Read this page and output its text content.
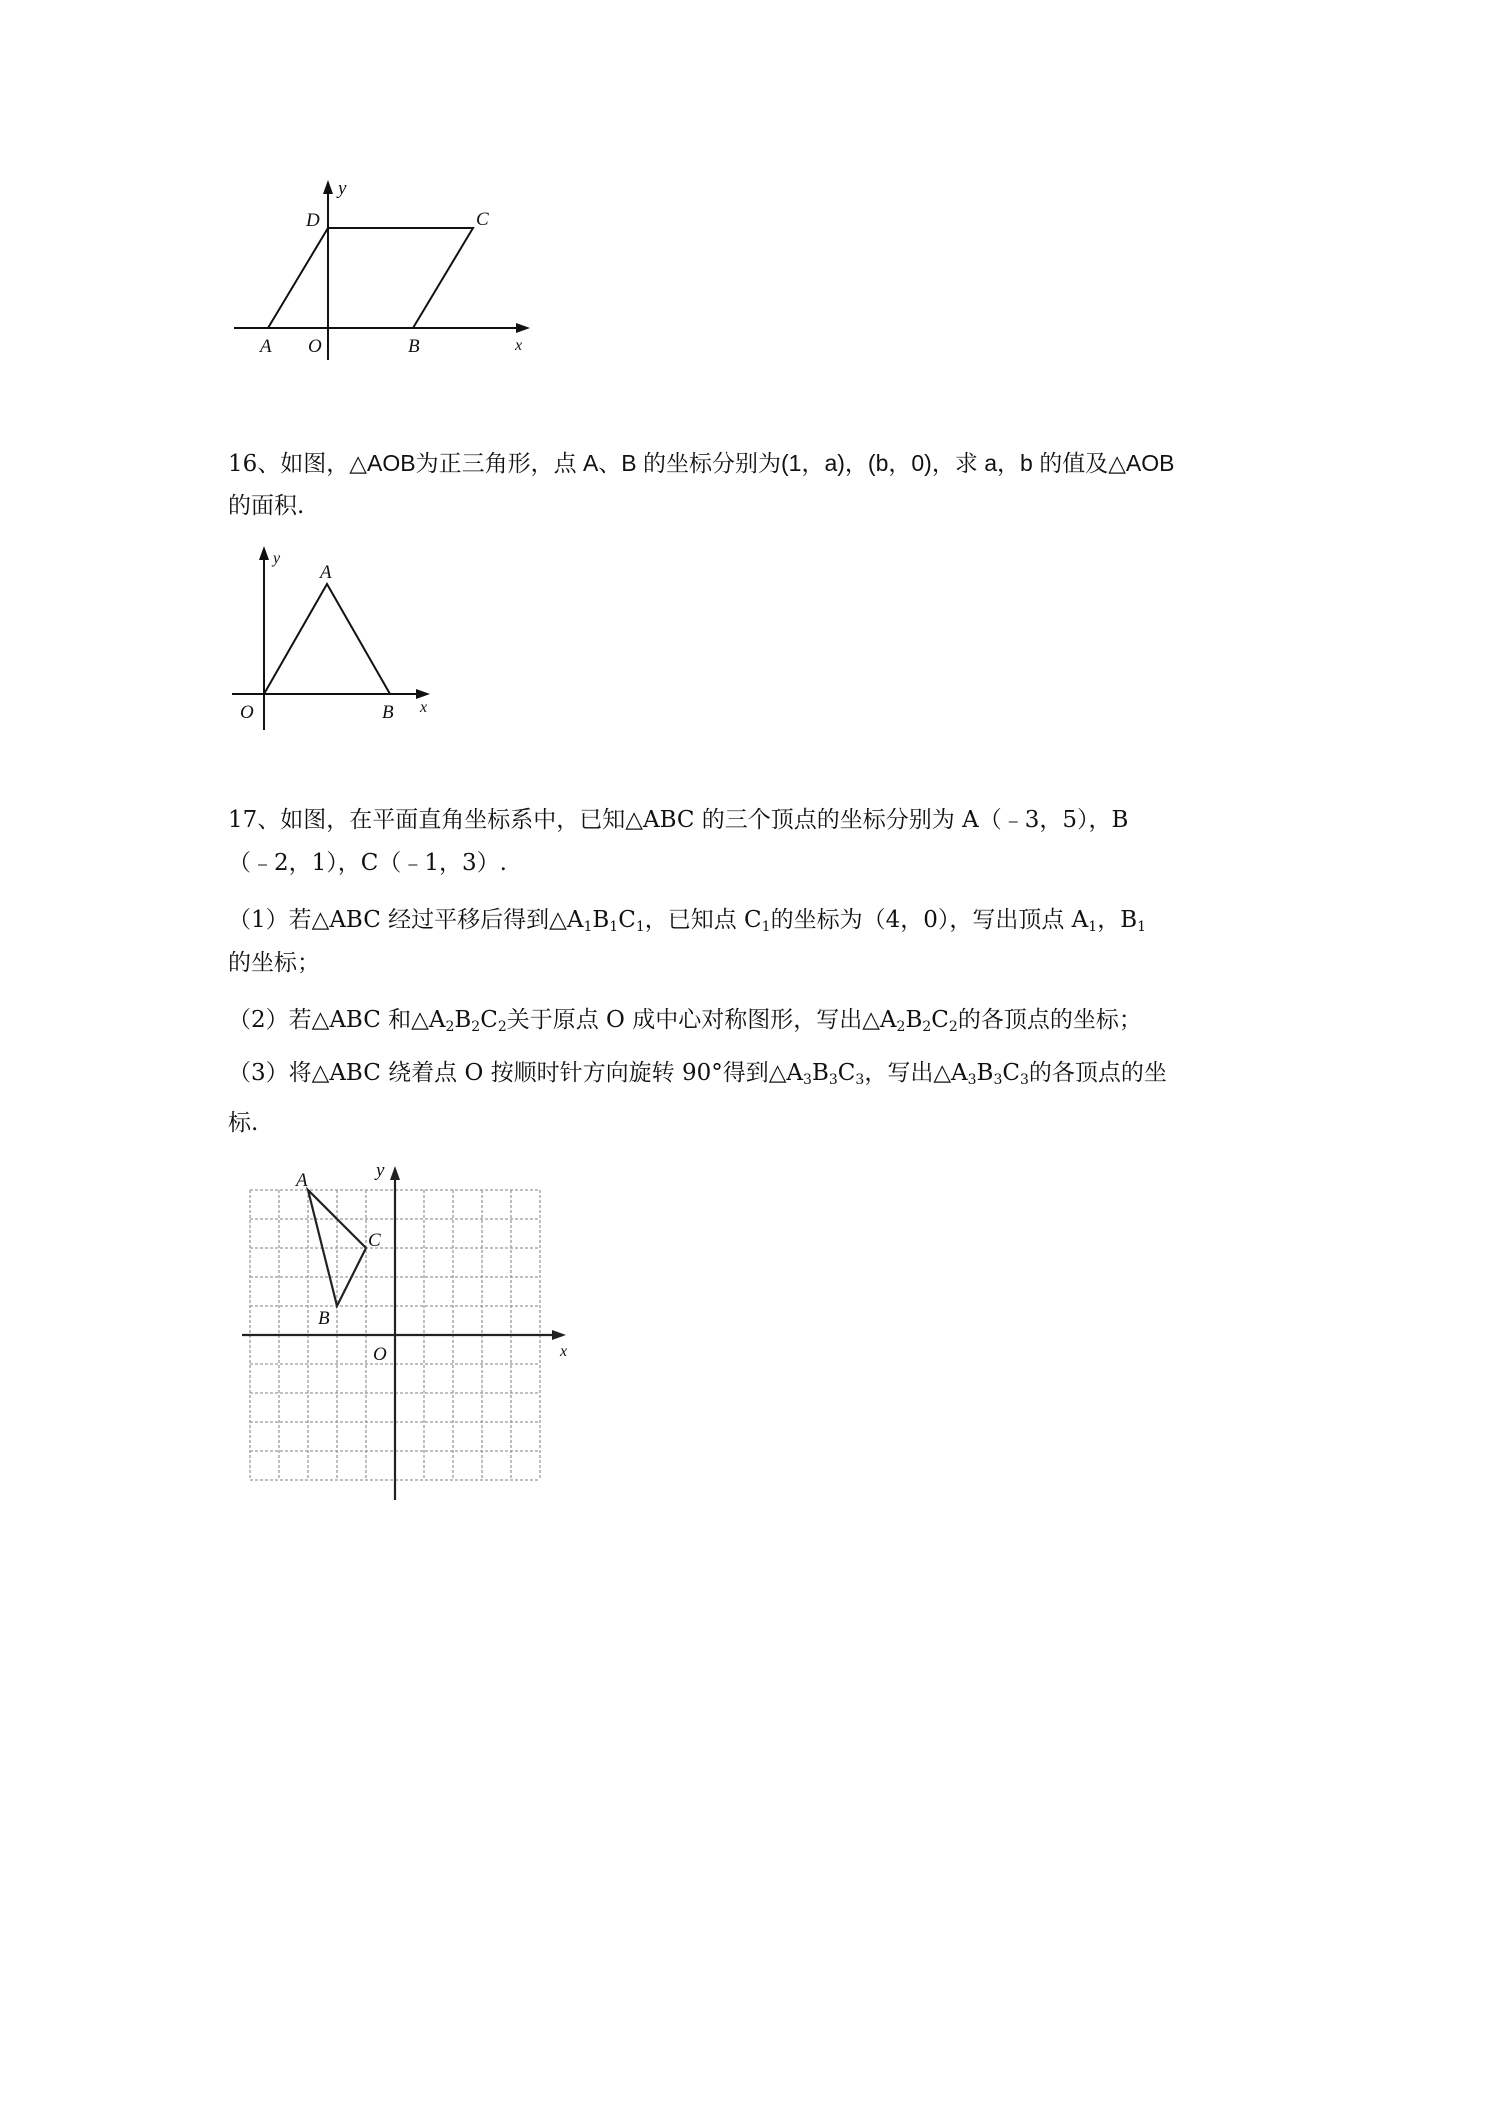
y
D	C
A O	B	x
16、如图，△AOB为正三角形，点 A、B 的坐标分别为(1，a)，(b，0)，求 a，b 的值及△AOB
的面积.
y
A
O	B x
17、如图，在平面直角坐标系中，已知△ABC 的三个顶点的坐标分别为 A（﹣3，5），B
（﹣2，1），C（﹣1，3）.
（1）若△ABC 经过平移后得到$\triangle A_1B_1C_1$，已知点 $C_1$的坐标为（4，0），写出顶点 $A_1$，$B_1$
的坐标；
（2）若△ABC 和$\triangle A_2B_2C_2$关于原点 O 成中心对称图形，写出$\triangle A_2B_2C_2$的各顶点的坐标；
（3）将△ABC 绕着点 O 按顺时针方向旋转 90°得到$\triangle A_3B_3C_3$，写出$\triangle A_3B_3C_3$的各顶点的坐
标.
A
B
C
O	x
y
